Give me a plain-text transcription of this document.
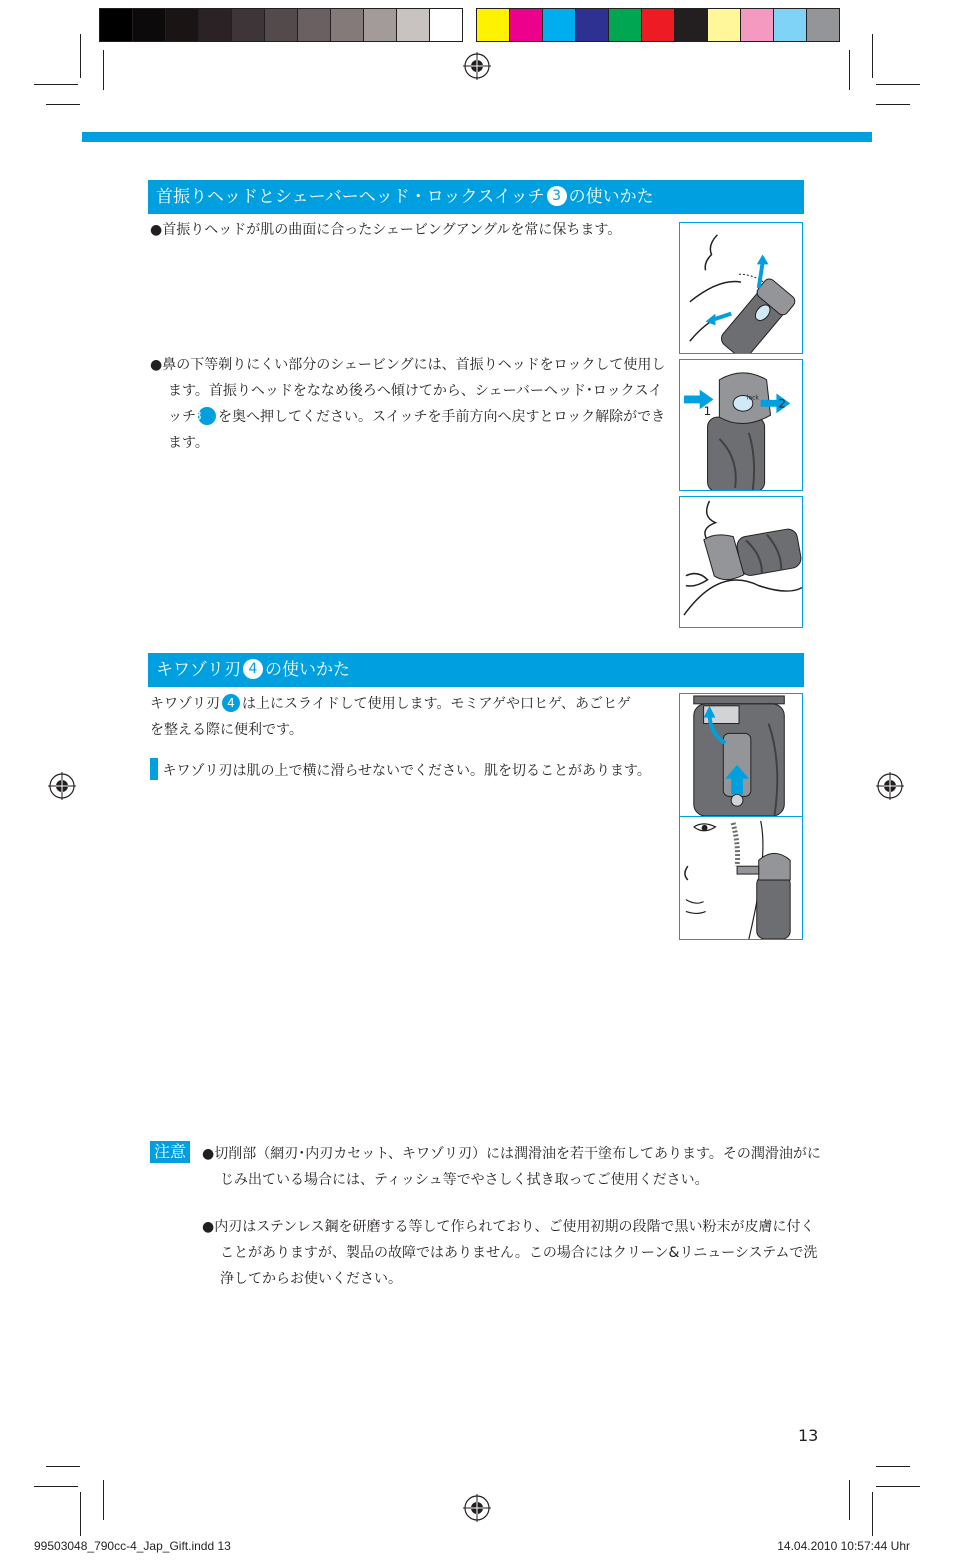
首振りヘッドとシェーバーヘッド・ロックスイッチ 3 の使いかた
●首振りヘッドが肌の曲面に合ったシェービングアングルを常に保ちます。
●鼻の下等剃りにくい部分のシェービングには、首振りヘッドをロックして使用します。首振りヘッドをななめ後ろへ傾けてから、シェーバーヘッド･ロックスイッチ3 を奥へ押してください。スイッチを手前方向へ戻すとロック解除ができます。
1
2
lock
キワゾリ刃 4 の使いかた
キワゾリ刃 4 は上にスライドして使用します。モミアゲや口ヒゲ、あごヒゲを整える際に便利です。
注意 キワゾリ刃は肌の上で横に滑らせないでください。肌を切ることがあります。
注意 ●切削部（網刃･内刃カセット、キワゾリ刃）には潤滑油を若干塗布してあります。その潤滑油がにじみ出ている場合には、ティッシュ等でやさしく拭き取ってご使用ください。
●内刃はステンレス鋼を研磨する等して作られており、ご使用初期の段階で黒い粉末が皮膚に付くことがありますが、製品の故障ではありません。この場合にはクリーン&リニューシステムで洗浄してからお使いください。
13
99503048_790cc-4_Jap_Gift.indd 13	14.04.2010 10:57:44 Uhr
